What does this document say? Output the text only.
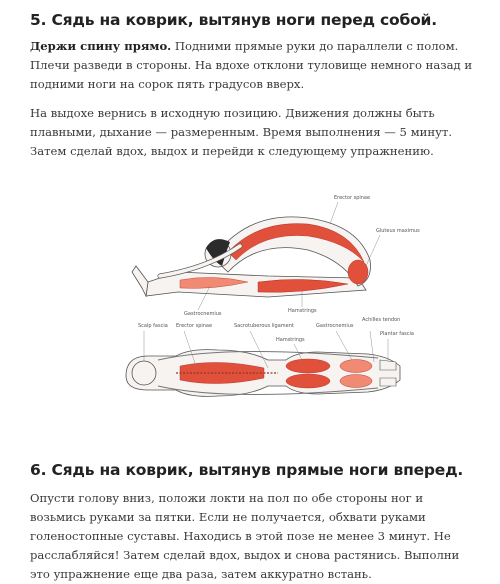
5. Сядь на коврик, вытянув ноги перед собой.

Держи спину прямо. Подними прямые руки до параллели с полом. Плечи разведи в стороны. На вдохе отклони туловище немного назад и подними ноги на сорок пять градусов вверх.

На выдохе вернись в исходную позицию. Движения должны быть плавными, дыхание — размеренным. Время выполнения — 5 минут. Затем сделай вдох, выдох и перейди к следующему упражнению.

Erector spinae
Gluteus maximus
Gastrocnemius	Hamstrings
Scalp fascia Erector spinae	Sacrotuberous ligament
Hamstrings
Gastrocnemius
Achilles tendon
Plantar fascia
6. Сядь на коврик, вытянув прямые ноги вперед.

Опусти голову вниз, положи локти на пол по обе стороны ног и возьмись руками за пятки. Если не получается, обхвати руками голеностопные суставы. Находись в этой позе не менее 3 минут. Не расслабляйся! Затем сделай вдох, выдох и снова растянись. Выполни это упражнение еще два раза, затем аккуратно встань.
